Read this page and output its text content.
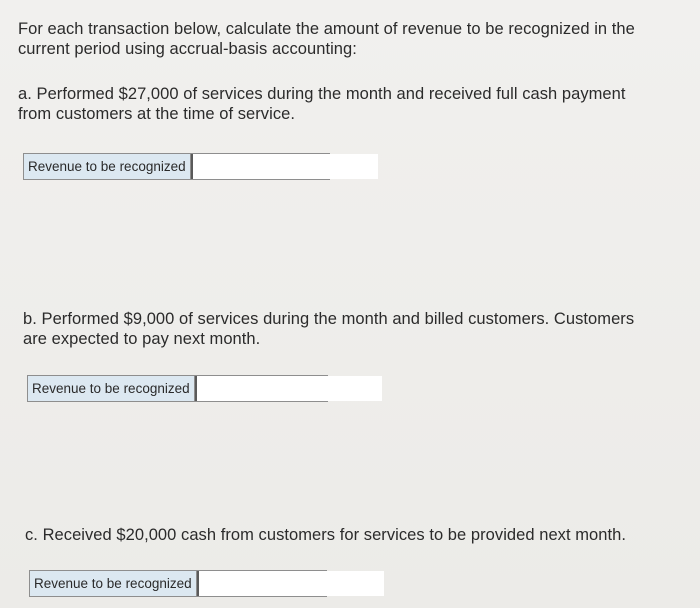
For each transaction below, calculate the amount of revenue to be recognized in the
current period using accrual-basis accounting:

a. Performed $27,000 of services during the month and received full cash payment
from customers at the time of service.

Revenue to be recognized

b. Performed $9,000 of services during the month and billed customers. Customers
are expected to pay next month.

Revenue to be recognized

c. Received $20,000 cash from customers for services to be provided next month.

Revenue to be recognized
